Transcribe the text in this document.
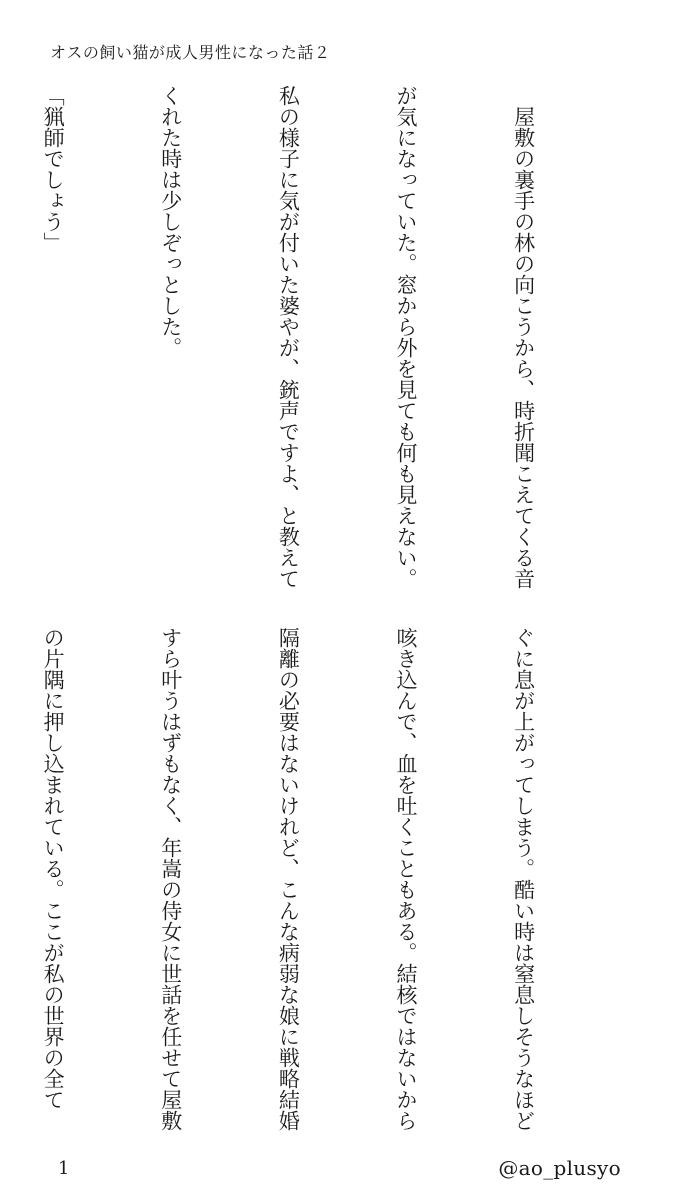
オスの飼い猫が成人男性になった話２

　屋敷の裏手の林の向こうから、時折聞こえてくる音

が気になっていた。窓から外を見ても何も見えない。

私の様子に気が付いた婆やが、銃声ですよ、と教えて

くれた時は少しぞっとした。

「猟師でしょう」

ぐに息が上がってしまう。酷い時は窒息しそうなほど

咳き込んで、血を吐くこともある。結核ではないから

隔離の必要はないけれど、こんな病弱な娘に戦略結婚

すら叶うはずもなく、年嵩の侍女に世話を任せて屋敷

の片隅に押し込まれている。ここが私の世界の全て

1	@ao_plusyo
